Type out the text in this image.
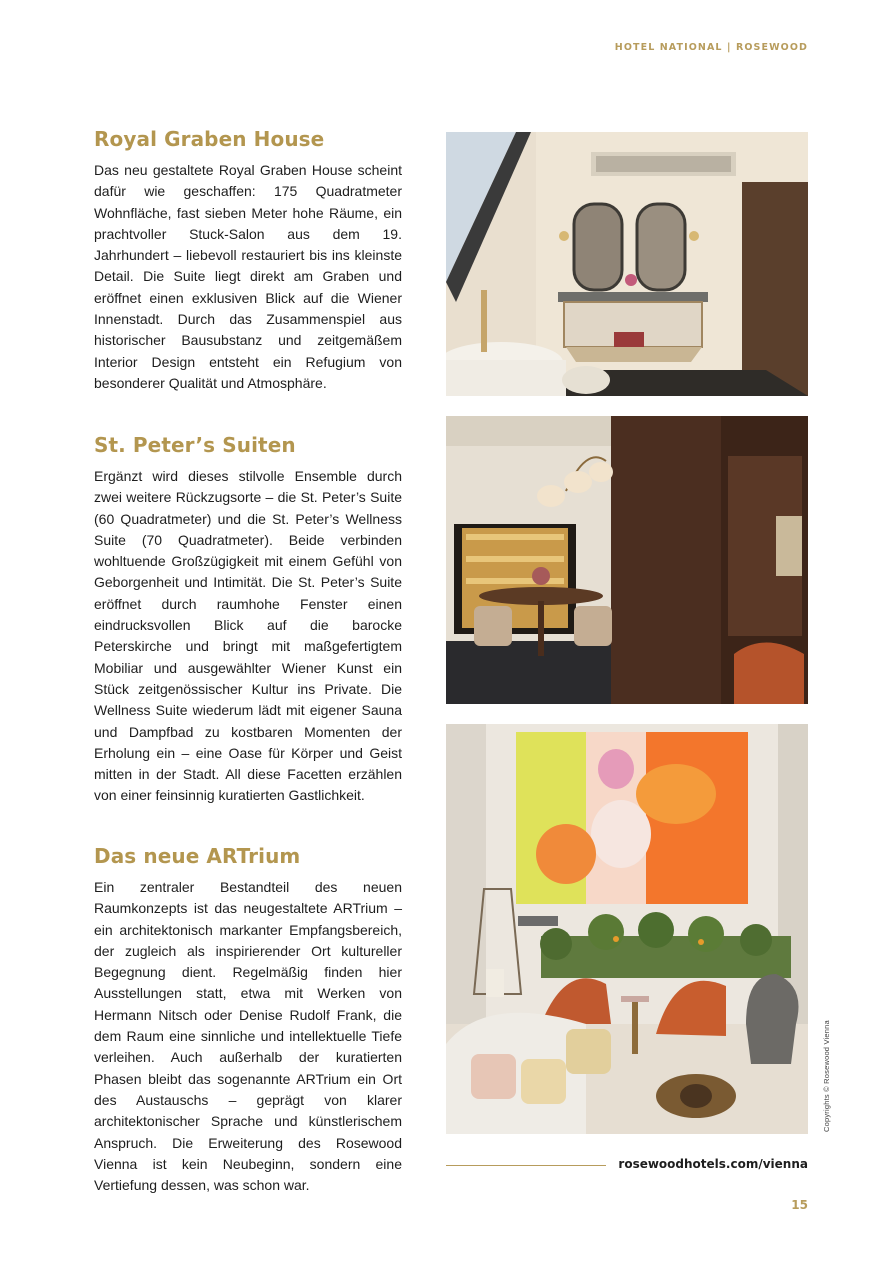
HOTEL NATIONAL | ROSEWOOD
Royal Graben House

Das neu gestaltete Royal Graben House scheint dafür wie geschaffen: 175 Quadratmeter Wohnfläche, fast sieben Meter hohe Räume, ein prachtvoller Stuck-Salon aus dem 19. Jahrhundert – liebevoll restauriert bis ins kleinste Detail. Die Suite liegt direkt am Graben und eröffnet einen exklusiven Blick auf die Wiener Innenstadt. Durch das Zusammenspiel aus historischer Bausubstanz und zeitgemäßem Interior Design entsteht ein Refugium von besonderer Qualität und Atmosphäre.

St. Peter’s Suiten

Ergänzt wird dieses stilvolle Ensemble durch zwei weitere Rückzugsorte – die St. Peter’s Suite (60 Quadratmeter) und die St. Peter’s Wellness Suite (70 Quadratmeter). Beide verbinden wohltuende Großzügigkeit mit einem Gefühl von Geborgenheit und Intimität. Die St. Peter’s Suite eröffnet durch raumhohe Fenster einen eindrucksvollen Blick auf die barocke Peterskirche und bringt mit maßgefertigtem Mobiliar und ausgewählter Wiener Kunst ein Stück zeitgenössischer Kultur ins Private. Die Wellness Suite wiederum lädt mit eigener Sauna und Dampfbad zu kostbaren Momenten der Erholung ein – eine Oase für Körper und Geist mitten in der Stadt. All diese Facetten erzählen von einer feinsinnig kuratierten Gastlichkeit.

Das neue ARTrium

Ein zentraler Bestandteil des neuen Raumkonzepts ist das neugestaltete ARTrium – ein architektonisch markanter Empfangsbereich, der zugleich als inspirierender Ort kultureller Begegnung dient. Regelmäßig finden hier Ausstellungen statt, etwa mit Werken von Hermann Nitsch oder Denise Rudolf Frank, die dem Raum eine sinnliche und intellektuelle Tiefe verleihen. Auch außerhalb der kuratierten Phasen bleibt das sogenannte ARTrium ein Ort des Austauschs – geprägt von klarer architektonischer Sprache und künstlerischem Anspruch. Die Erweiterung des Rosewood Vienna ist kein Neubeginn, sondern eine Vertiefung dessen, was schon war.

Copyrights © Rosewood Vienna
rosewoodhotels.com/vienna
15
